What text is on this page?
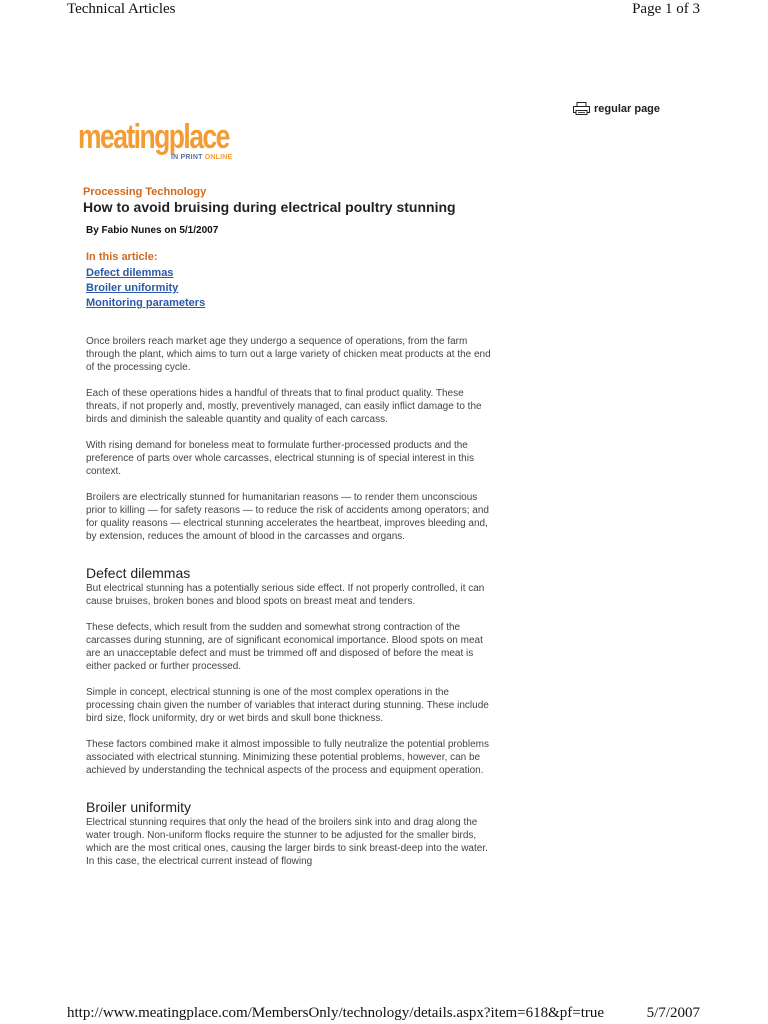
Technical Articles	Page 1 of 3
regular page
meatingplace
IN PRINT ONLINE
Processing Technology
How to avoid bruising during electrical poultry stunning
By Fabio Nunes on 5/1/2007
In this article:
Defect dilemmas
Broiler uniformity
Monitoring parameters

Once broilers reach market age they undergo a sequence of operations, from the farm through the plant, which aims to turn out a large variety of chicken meat products at the end of the processing cycle.

Each of these operations hides a handful of threats that to final product quality. These threats, if not properly and, mostly, preventively managed, can easily inflict damage to the birds and diminish the saleable quantity and quality of each carcass.

With rising demand for boneless meat to formulate further-processed products and the preference of parts over whole carcasses, electrical stunning is of special interest in this context.

Broilers are electrically stunned for humanitarian reasons — to render them unconscious prior to killing — for safety reasons — to reduce the risk of accidents among operators; and for quality reasons — electrical stunning accelerates the heartbeat, improves bleeding and, by extension, reduces the amount of blood in the carcasses and organs.

Defect dilemmas

But electrical stunning has a potentially serious side effect. If not properly controlled, it can cause bruises, broken bones and blood spots on breast meat and tenders.

These defects, which result from the sudden and somewhat strong contraction of the carcasses during stunning, are of significant economical importance. Blood spots on meat are an unacceptable defect and must be trimmed off and disposed of before the meat is either packed or further processed.

Simple in concept, electrical stunning is one of the most complex operations in the processing chain given the number of variables that interact during stunning. These include bird size, flock uniformity, dry or wet birds and skull bone thickness.

These factors combined make it almost impossible to fully neutralize the potential problems associated with electrical stunning. Minimizing these potential problems, however, can be achieved by understanding the technical aspects of the process and equipment operation.

Broiler uniformity

Electrical stunning requires that only the head of the broilers sink into and drag along the water trough. Non-uniform flocks require the stunner to be adjusted for the smaller birds, which are the most critical ones, causing the larger birds to sink breast-deep into the water. In this case, the electrical current instead of flowing

http://www.meatingplace.com/MembersOnly/technology/details.aspx?item=618&pf=true	5/7/2007
